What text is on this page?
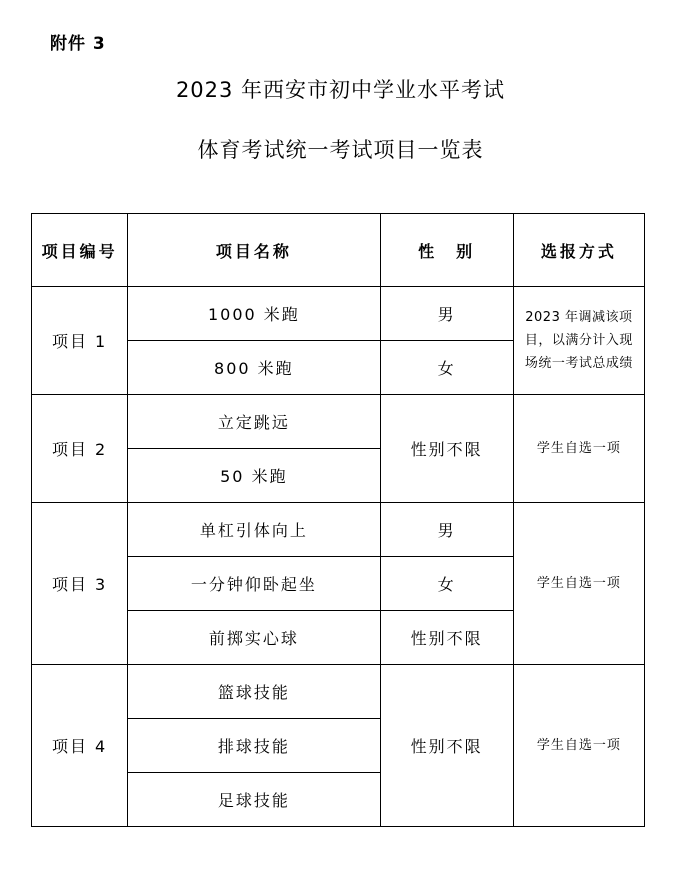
附件 3
2023 年西安市初中学业水平考试
体育考试统一考试项目一览表
项目编号	项目名称	性　别	选报方式
项目 1	1000 米跑	男	2023 年调减该项目，以满分计入现场统一考试总成绩
	800 米跑	女	
项目 2	立定跳远	性别不限	学生自选一项
	50 米跑		
项目 3	单杠引体向上	男	学生自选一项
	一分钟仰卧起坐	女	
	前掷实心球	性别不限	
项目 4	篮球技能	性别不限	学生自选一项
	排球技能		
	足球技能		
